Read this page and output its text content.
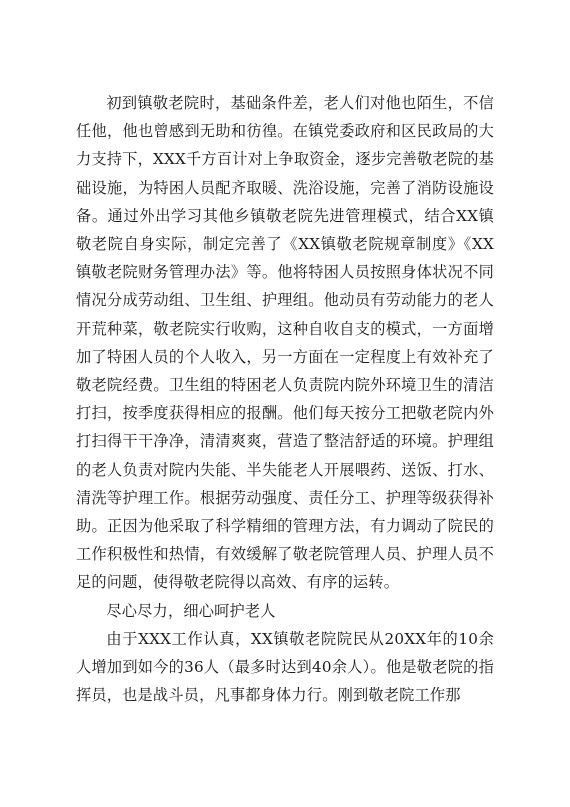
初到镇敬老院时，基础条件差，老人们对他也陌生，不信任他，他也曾感到无助和彷徨。在镇党委政府和区民政局的大力支持下，XXX千方百计对上争取资金，逐步完善敬老院的基础设施，为特困人员配齐取暖、洗浴设施，完善了消防设施设备。通过外出学习其他乡镇敬老院先进管理模式，结合XX镇敬老院自身实际，制定完善了《XX镇敬老院规章制度》《XX镇敬老院财务管理办法》等。他将特困人员按照身体状况不同情况分成劳动组、卫生组、护理组。他动员有劳动能力的老人开荒种菜，敬老院实行收购，这种自收自支的模式，一方面增加了特困人员的个人收入，另一方面在一定程度上有效补充了敬老院经费。卫生组的特困老人负责院内院外环境卫生的清洁打扫，按季度获得相应的报酬。他们每天按分工把敬老院内外打扫得干干净净，清清爽爽，营造了整洁舒适的环境。护理组的老人负责对院内失能、半失能老人开展喂药、送饭、打水、清洗等护理工作。根据劳动强度、责任分工、护理等级获得补助。正因为他采取了科学精细的管理方法，有力调动了院民的工作积极性和热情，有效缓解了敬老院管理人员、护理人员不足的问题，使得敬老院得以高效、有序的运转。

尽心尽力，细心呵护老人

由于XXX工作认真，XX镇敬老院院民从20XX年的10余人增加到如今的36人（最多时达到40余人）。他是敬老院的指挥员，也是战斗员，凡事都身体力行。刚到敬老院工作那
